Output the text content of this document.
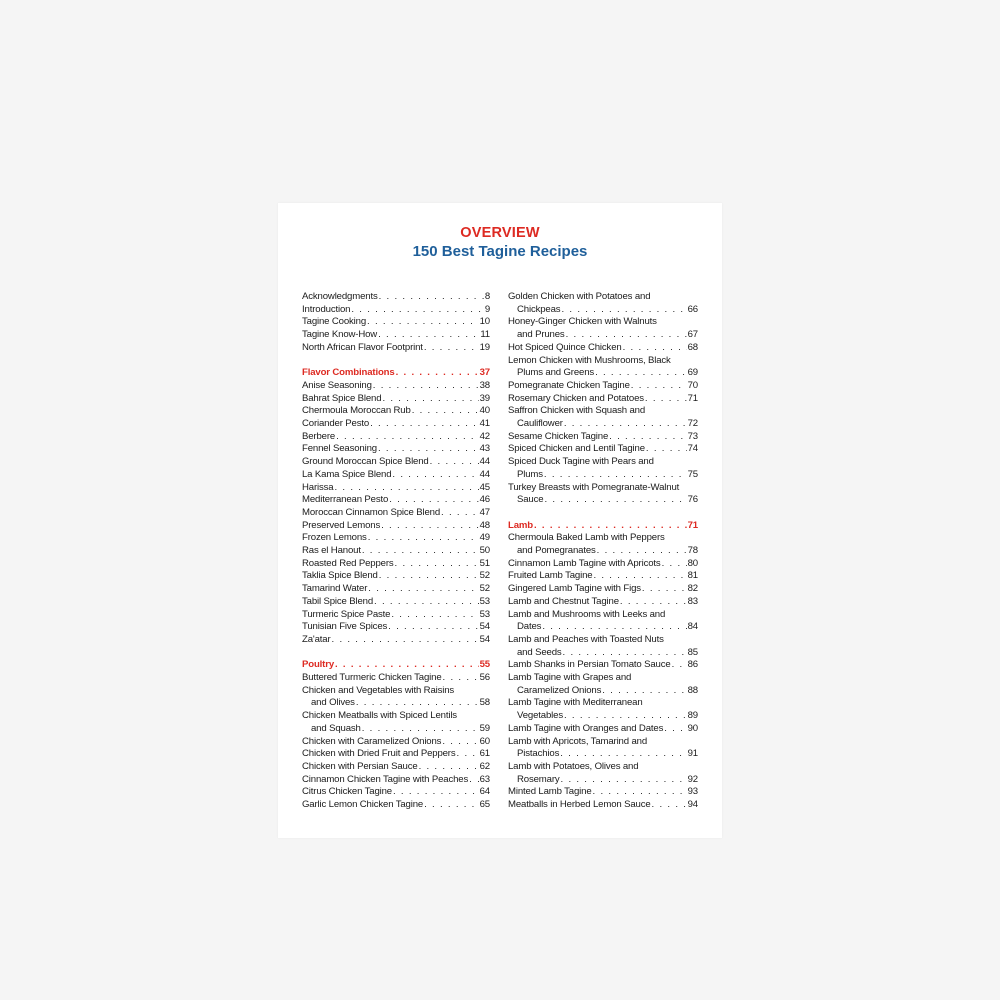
OVERVIEW
150 Best Tagine Recipes
Acknowledgments . . .	8
Introduction . . .	9
Tagine Cooking . . .	10
Tagine Know-How . . .	11
North African Flavor Footprint . . .	19
Flavor Combinations . . .	37
Anise Seasoning . . .	38
Bahrat Spice Blend . . .	39
Chermoula Moroccan Rub . . .	40
Coriander Pesto . . .	41
Berbere . . .	42
Fennel Seasoning . . .	43
Ground Moroccan Spice Blend . . .	44
La Kama Spice Blend . . .	44
Harissa . . .	45
Mediterranean Pesto . . .	46
Moroccan Cinnamon Spice Blend . . .	47
Preserved Lemons . . .	48
Frozen Lemons . . .	49
Ras el Hanout . . .	50
Roasted Red Peppers . . .	51
Taklia Spice Blend . . .	52
Tamarind Water . . .	52
Tabil Spice Blend . . .	53
Turmeric Spice Paste . . .	53
Tunisian Five Spices . . .	54
Za'atar . . .	54
Poultry . . .	55
Buttered Turmeric Chicken Tagine . . .	56
Chicken and Vegetables with Raisins
and Olives . . .	58
Chicken Meatballs with Spiced Lentils
and Squash . . .	59
Chicken with Caramelized Onions . . .	60
Chicken with Dried Fruit and Peppers . . .	61
Chicken with Persian Sauce . . .	62
Cinnamon Chicken Tagine with Peaches . . . 63
Citrus Chicken Tagine . . .	64
Garlic Lemon Chicken Tagine . . .	65
Golden Chicken with Potatoes and
Chickpeas . . .	66
Honey-Ginger Chicken with Walnuts
and Prunes . . .	67
Hot Spiced Quince Chicken . . .	68
Lemon Chicken with Mushrooms, Black
Plums and Greens . . .	69
Pomegranate Chicken Tagine . . .	70
Rosemary Chicken and Potatoes . . .	71
Saffron Chicken with Squash and
Cauliflower . . .	72
Sesame Chicken Tagine . . .	73
Spiced Chicken and Lentil Tagine . . .	74
Spiced Duck Tagine with Pears and
Plums . . .	75
Turkey Breasts with Pomegranate-Walnut
Sauce . . .	76
Lamb . . .	71
Chermoula Baked Lamb with Peppers
and Pomegranates . . .	78
Cinnamon Lamb Tagine with Apricots . . .	80
Fruited Lamb Tagine . . .	81
Gingered Lamb Tagine with Figs . . .	82
Lamb and Chestnut Tagine . . .	83
Lamb and Mushrooms with Leeks and
Dates . . .	84
Lamb and Peaches with Toasted Nuts
and Seeds . . .	85
Lamb Shanks in Persian Tomato Sauce . . . 86
Lamb Tagine with Grapes and
Caramelized Onions . . .	88
Lamb Tagine with Mediterranean
Vegetables . . .	89
Lamb Tagine with Oranges and Dates . . .	90
Lamb with Apricots, Tamarind and
Pistachios . . .	91
Lamb with Potatoes, Olives and
Rosemary . . .	92
Minted Lamb Tagine . . .	93
Meatballs in Herbed Lemon Sauce . . .	94
